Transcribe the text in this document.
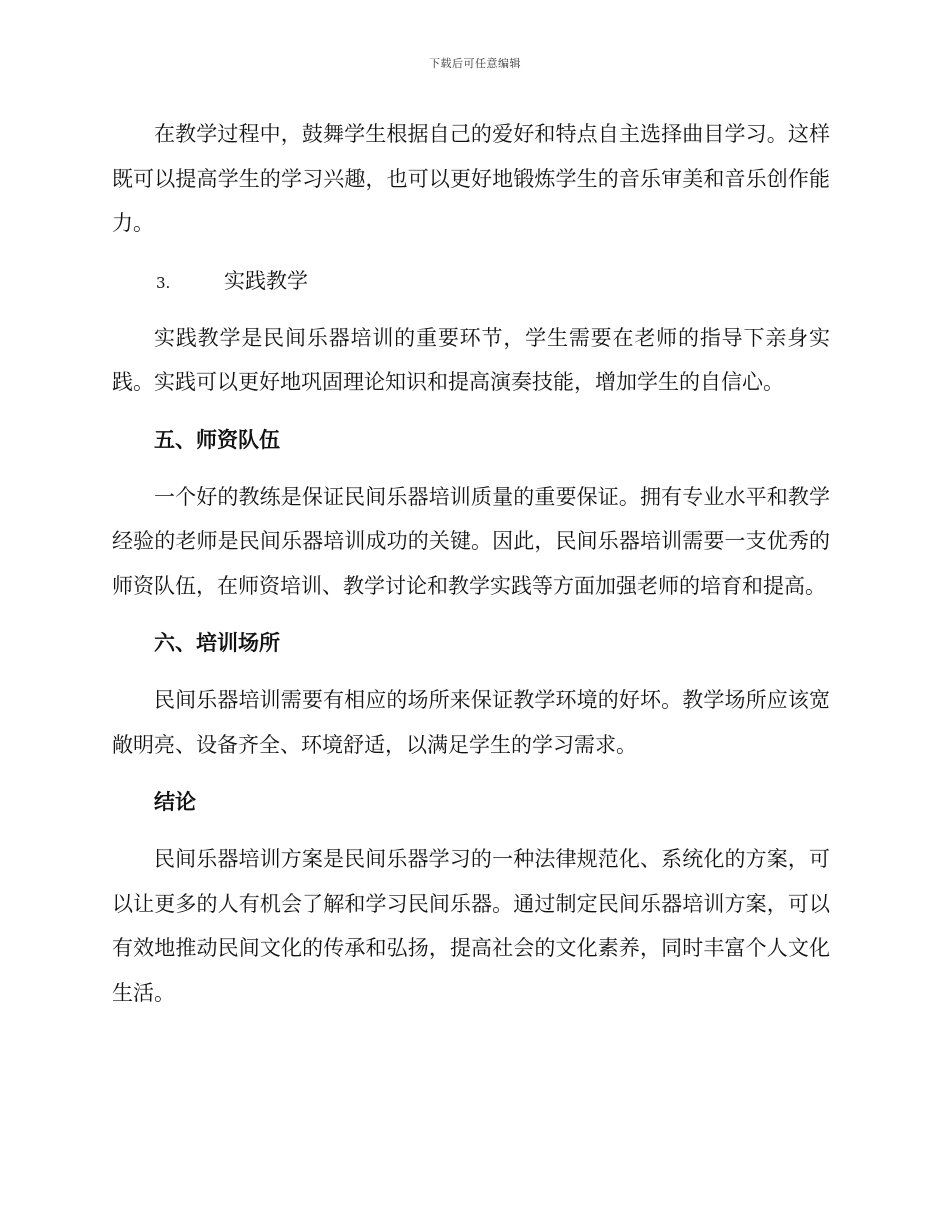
下载后可任意编辑

在教学过程中，鼓舞学生根据自己的爱好和特点自主选择曲目学习。这样既可以提高学生的学习兴趣，也可以更好地锻炼学生的音乐审美和音乐创作能力。

3.	实践教学

实践教学是民间乐器培训的重要环节，学生需要在老师的指导下亲身实践。实践可以更好地巩固理论知识和提高演奏技能，增加学生的自信心。

五、师资队伍

一个好的教练是保证民间乐器培训质量的重要保证。拥有专业水平和教学经验的老师是民间乐器培训成功的关键。因此，民间乐器培训需要一支优秀的师资队伍，在师资培训、教学讨论和教学实践等方面加强老师的培育和提高。

六、培训场所

民间乐器培训需要有相应的场所来保证教学环境的好坏。教学场所应该宽敞明亮、设备齐全、环境舒适，以满足学生的学习需求。

结论

民间乐器培训方案是民间乐器学习的一种法律规范化、系统化的方案，可以让更多的人有机会了解和学习民间乐器。通过制定民间乐器培训方案，可以有效地推动民间文化的传承和弘扬，提高社会的文化素养，同时丰富个人文化生活。
